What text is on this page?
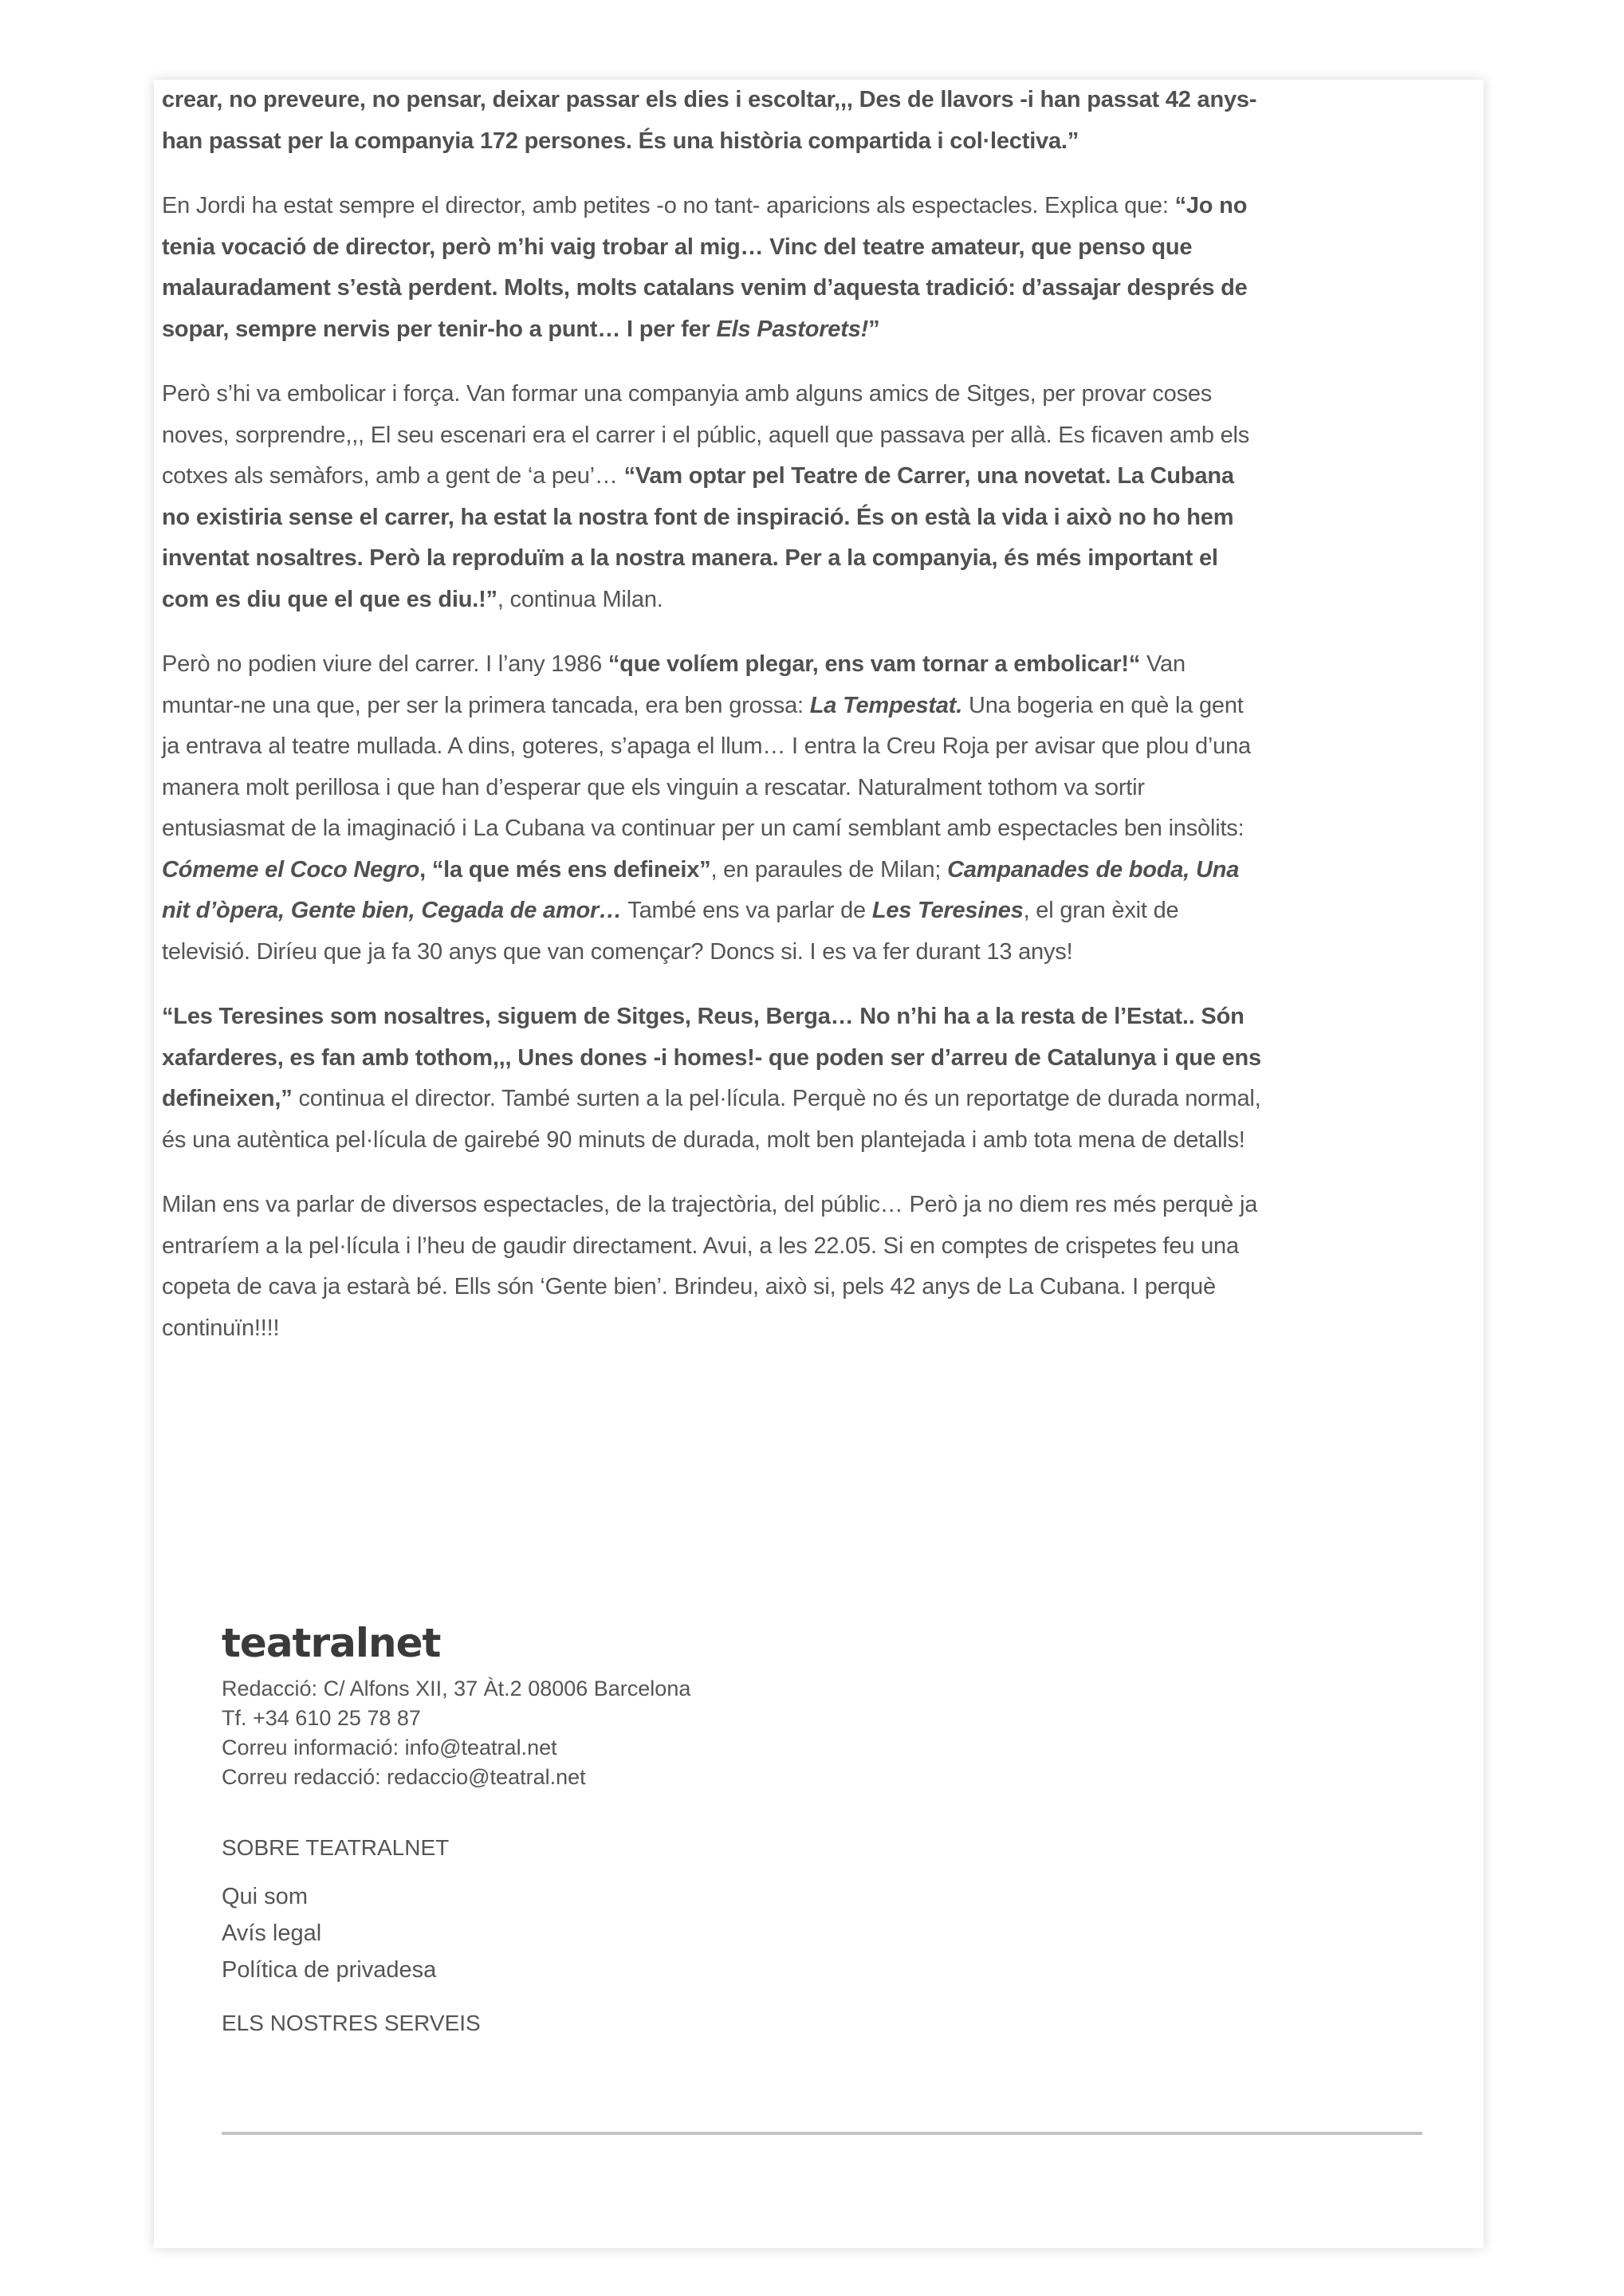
crear, no preveure, no pensar, deixar passar els dies i escoltar,,, Des de llavors -i han passat 42 anys- han passat per la companyia 172 persones. És una història compartida i col·lectiva.”

En Jordi ha estat sempre el director, amb petites -o no tant- aparicions als espectacles. Explica que: “Jo no tenia vocació de director, però m’hi vaig trobar al mig… Vinc del teatre amateur, que penso que malauradament s’està perdent. Molts, molts catalans venim d’aquesta tradició: d’assajar després de sopar, sempre nervis per tenir-ho a punt… I per fer Els Pastorets!”

Però s’hi va embolicar i força. Van formar una companyia amb alguns amics de Sitges, per provar coses noves, sorprendre,,, El seu escenari era el carrer i el públic, aquell que passava per allà. Es ficaven amb els cotxes als semàfors, amb a gent de ‘a peu’… “Vam optar pel Teatre de Carrer, una novetat. La Cubana no existiria sense el carrer, ha estat la nostra font de inspiració. És on està la vida i això no ho hem inventat nosaltres. Però la reproduïm a la nostra manera. Per a la companyia, és més important el com es diu que el que es diu.!”, continua Milan.

Però no podien viure del carrer. I l’any 1986 “que volíem plegar, ens vam tornar a embolicar!“ Van muntar-ne una que, per ser la primera tancada, era ben grossa: La Tempestat. Una bogeria en què la gent ja entrava al teatre mullada. A dins, goteres, s’apaga el llum… I entra la Creu Roja per avisar que plou d’una manera molt perillosa i que han d’esperar que els vinguin a rescatar. Naturalment tothom va sortir entusiasmat de la imaginació i La Cubana va continuar per un camí semblant amb espectacles ben insòlits: Cómeme el Coco Negro, “la que més ens defineix”, en paraules de Milan; Campanades de boda, Una nit d’òpera, Gente bien, Cegada de amor… També ens va parlar de Les Teresines, el gran èxit de televisió. Diríeu que ja fa 30 anys que van començar? Doncs si. I es va fer durant 13 anys!

“Les Teresines som nosaltres, siguem de Sitges, Reus, Berga… No n’hi ha a la resta de l’Estat.. Són xafarderes, es fan amb tothom,,, Unes dones -i homes!- que poden ser d’arreu de Catalunya i que ens defineixen,” continua el director. També surten a la pel·lícula. Perquè no és un reportatge de durada normal, és una autèntica pel·lícula de gairebé 90 minuts de durada, molt ben plantejada i amb tota mena de detalls!

Milan ens va parlar de diversos espectacles, de la trajectòria, del públic… Però ja no diem res més perquè ja entraríem a la pel·lícula i l’heu de gaudir directament. Avui, a les 22.05. Si en comptes de crispetes feu una copeta de cava ja estarà bé. Ells són ‘Gente bien’. Brindeu, això si, pels 42 anys de La Cubana. I perquè continuïn!!!!

teatralnet
Redacció: C/ Alfons XII, 37 Àt.2 08006 Barcelona
Tf. +34 610 25 78 87
Correu informació: info@teatral.net
Correu redacció: redaccio@teatral.net
SOBRE TEATRALNET
Qui som
Avís legal
Política de privadesa
ELS NOSTRES SERVEIS
